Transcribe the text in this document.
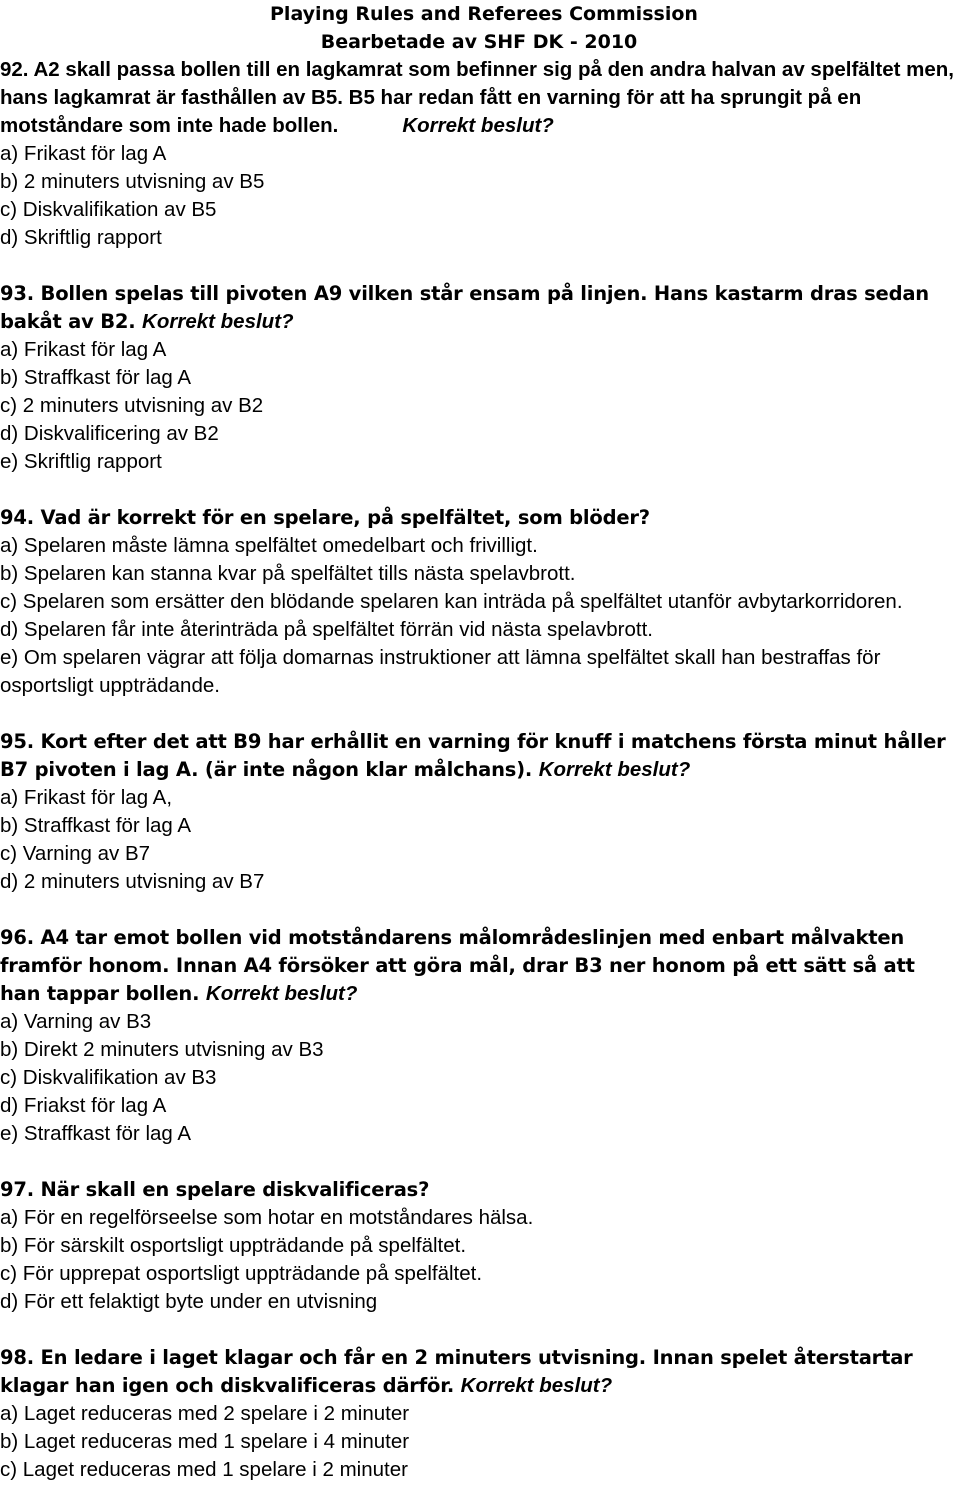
Playing Rules and Referees Commission
Bearbetade av SHF DK - 2010
92. A2 skall passa bollen till en lagkamrat som befinner sig på den andra halvan av spelfältet men, hans lagkamrat är fasthållen av B5. B5 har redan fått en varning för att ha sprungit på en motståndare som inte hade bollen.	Korrekt beslut?
a) Frikast för lag A
b) 2 minuters utvisning av B5
c) Diskvalifikation av B5
d) Skriftlig rapport
93. Bollen spelas till pivoten A9 vilken står ensam på linjen. Hans kastarm dras sedan bakåt av B2. Korrekt beslut?
a) Frikast för lag A
b) Straffkast för lag A
c) 2 minuters utvisning av B2
d) Diskvalificering av B2
e) Skriftlig rapport
94. Vad är korrekt för en spelare, på spelfältet, som blöder?
a) Spelaren måste lämna spelfältet omedelbart och frivilligt.
b) Spelaren kan stanna kvar på spelfältet tills nästa spelavbrott.
c) Spelaren som ersätter den blödande spelaren kan inträda på spelfältet utanför avbytarkorridoren.
d) Spelaren får inte återinträda på spelfältet förrän vid nästa spelavbrott.
e) Om spelaren vägrar att följa domarnas instruktioner att lämna spelfältet skall han bestraffas för osportsligt uppträdande.
95. Kort efter det att B9 har erhållit en varning för knuff i matchens första minut håller B7 pivoten i lag A. (är inte någon klar målchans). Korrekt beslut?
a) Frikast för lag A,
b) Straffkast för lag A
c) Varning av B7
d) 2 minuters utvisning av B7
96. A4 tar emot bollen vid motståndarens målområdeslinjen med enbart målvakten framför honom. Innan A4 försöker att göra mål, drar B3 ner honom på ett sätt så att han tappar bollen. Korrekt beslut?
a) Varning av B3
b) Direkt 2 minuters utvisning av B3
c) Diskvalifikation av B3
d) Friakst för lag A
e) Straffkast för lag A
97. När skall en spelare diskvalificeras?
a) För en regelförseelse som hotar en motståndares hälsa.
b) För särskilt osportsligt uppträdande på spelfältet.
c) För upprepat osportsligt uppträdande på spelfältet.
d) För ett felaktigt byte under en utvisning
98. En ledare i laget klagar och får en 2 minuters utvisning. Innan spelet återstartar klagar han igen och diskvalificeras därför. Korrekt beslut?
a) Laget reduceras med 2 spelare i 2 minuter
b) Laget reduceras med 1 spelare i 4 minuter
c) Laget reduceras med 1 spelare i 2 minuter
